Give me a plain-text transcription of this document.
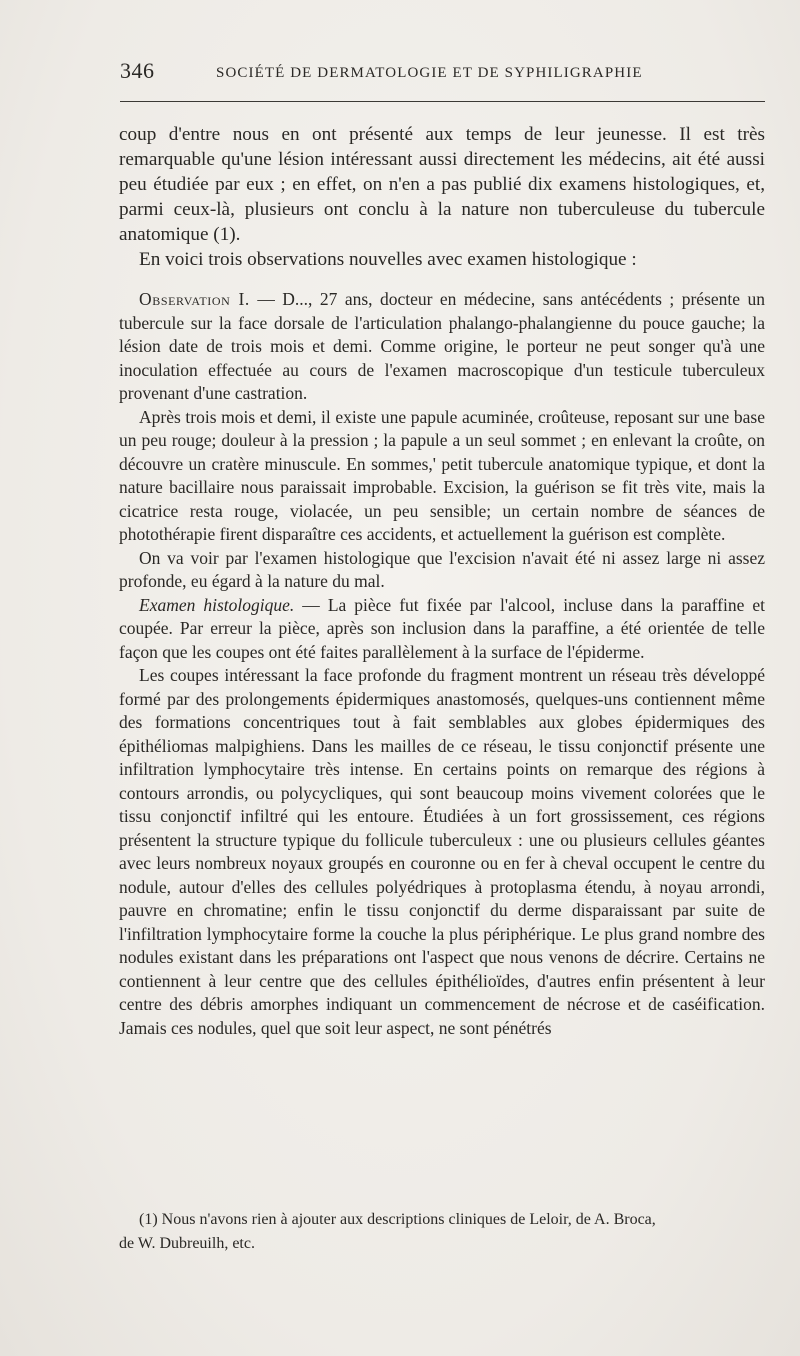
346	SOCIÉTÉ DE DERMATOLOGIE ET DE SYPHILIGRAPHIE

coup d'entre nous en ont présenté aux temps de leur jeunesse. Il est très remarquable qu'une lésion intéressant aussi directement les médecins, ait été aussi peu étudiée par eux ; en effet, on n'en a pas publié dix examens histologiques, et, parmi ceux-là, plusieurs ont conclu à la nature non tuberculeuse du tubercule anatomique (1).

En voici trois observations nouvelles avec examen histologique :

Observation I. — D..., 27 ans, docteur en médecine, sans antécédents ; présente un tubercule sur la face dorsale de l'articulation phalango-phalangienne du pouce gauche; la lésion date de trois mois et demi. Comme origine, le porteur ne peut songer qu'à une inoculation effectuée au cours de l'examen macroscopique d'un testicule tuberculeux provenant d'une castration.

Après trois mois et demi, il existe une papule acuminée, croûteuse, reposant sur une base un peu rouge; douleur à la pression ; la papule a un seul sommet ; en enlevant la croûte, on découvre un cratère minuscule. En sommes,' petit tubercule anatomique typique, et dont la nature bacillaire nous paraissait improbable. Excision, la guérison se fit très vite, mais la cicatrice resta rouge, violacée, un peu sensible; un certain nombre de séances de photothérapie firent disparaître ces accidents, et actuellement la guérison est complète.

On va voir par l'examen histologique que l'excision n'avait été ni assez large ni assez profonde, eu égard à la nature du mal.

Examen histologique. — La pièce fut fixée par l'alcool, incluse dans la paraffine et coupée. Par erreur la pièce, après son inclusion dans la paraffine, a été orientée de telle façon que les coupes ont été faites parallèlement à la surface de l'épiderme.

Les coupes intéressant la face profonde du fragment montrent un réseau très développé formé par des prolongements épidermiques anastomosés, quelques-uns contiennent même des formations concentriques tout à fait semblables aux globes épidermiques des épithéliomas malpighiens. Dans les mailles de ce réseau, le tissu conjonctif présente une infiltration lymphocytaire très intense. En certains points on remarque des régions à contours arrondis, ou polycycliques, qui sont beaucoup moins vivement colorées que le tissu conjonctif infiltré qui les entoure. Étudiées à un fort grossissement, ces régions présentent la structure typique du follicule tuberculeux : une ou plusieurs cellules géantes avec leurs nombreux noyaux groupés en couronne ou en fer à cheval occupent le centre du nodule, autour d'elles des cellules polyédriques à protoplasma étendu, à noyau arrondi, pauvre en chromatine; enfin le tissu conjonctif du derme disparaissant par suite de l'infiltration lymphocytaire forme la couche la plus périphérique. Le plus grand nombre des nodules existant dans les préparations ont l'aspect que nous venons de décrire. Certains ne contiennent à leur centre que des cellules épithélioïdes, d'autres enfin présentent à leur centre des débris amorphes indiquant un commencement de nécrose et de caséification. Jamais ces nodules, quel que soit leur aspect, ne sont pénétrés

(1) Nous n'avons rien à ajouter aux descriptions cliniques de Leloir, de A. Broca,
de W. Dubreuilh, etc.
